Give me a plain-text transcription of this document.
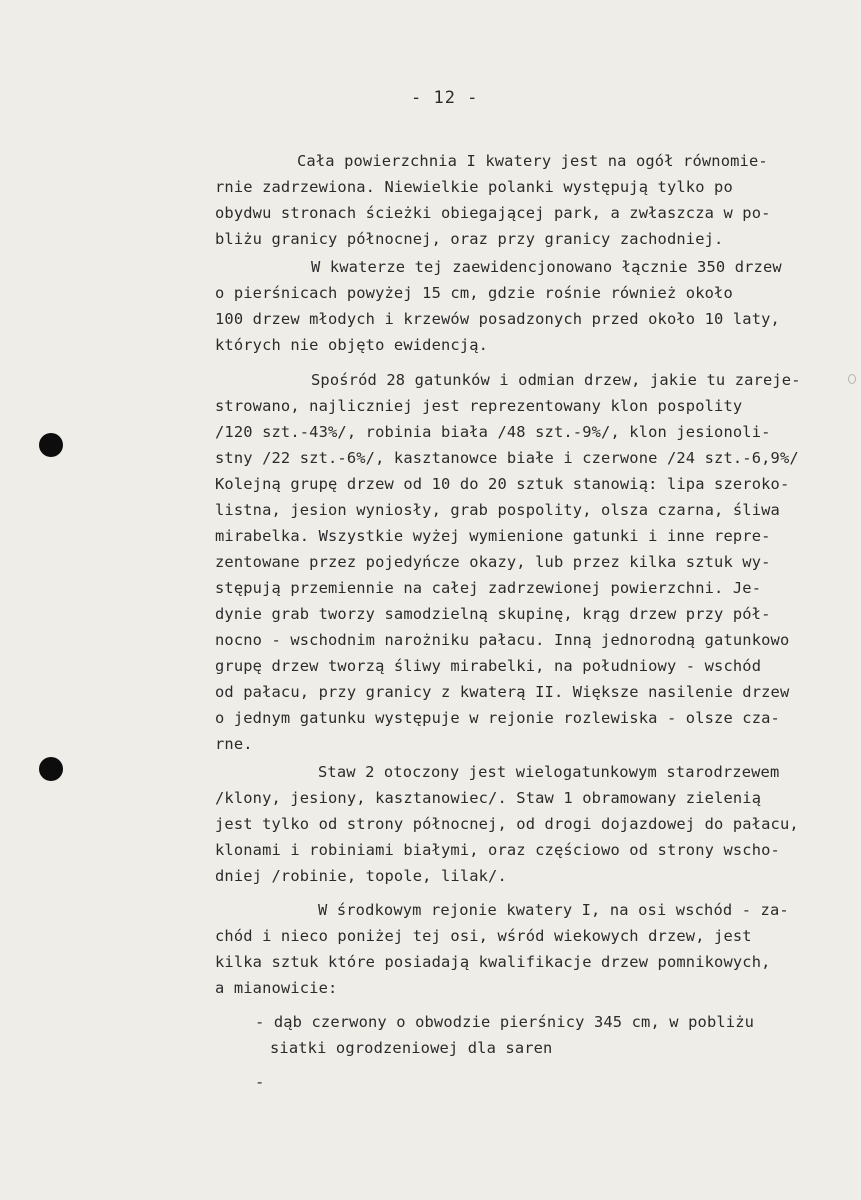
- 12 -
Cała powierzchnia I kwatery jest na ogół równomie-
rnie zadrzewiona. Niewielkie polanki występują tylko po
obydwu stronach ścieżki obiegającej park, a zwłaszcza w po-
bliżu granicy północnej, oraz przy granicy zachodniej.
W kwaterze tej zaewidencjonowano łącznie 350 drzew
o pierśnicach powyżej 15 cm, gdzie rośnie również około
100 drzew młodych i krzewów posadzonych przed około 10 laty,
których nie objęto ewidencją.
Spośród 28 gatunków i odmian drzew, jakie tu zareje-
strowano, najliczniej jest reprezentowany klon pospolity
/120 szt.-43%/, robinia biała /48 szt.-9%/, klon jesionoli-
stny /22 szt.-6%/, kasztanowce białe i czerwone /24 szt.-6,9%/
Kolejną grupę drzew od 10 do 20 sztuk stanowią: lipa szeroko-
listna, jesion wyniosły, grab pospolity, olsza czarna, śliwa
mirabelka. Wszystkie wyżej wymienione gatunki i inne repre-
zentowane przez pojedyńcze okazy, lub przez kilka sztuk wy-
stępują przemiennie na całej zadrzewionej powierzchni. Je-
dynie grab tworzy samodzielną skupinę, krąg drzew przy pół-
nocno - wschodnim narożniku pałacu. Inną jednorodną gatunkowo
grupę drzew tworzą śliwy mirabelki, na południowy - wschód
od pałacu, przy granicy z kwaterą II. Większe nasilenie drzew
o jednym gatunku występuje w rejonie rozlewiska - olsze cza-
rne.
Staw 2 otoczony jest wielogatunkowym starodrzewem
/klony, jesiony, kasztanowiec/. Staw 1 obramowany zielenią
jest tylko od strony północnej, od drogi dojazdowej do pałacu,
klonami i robiniami białymi, oraz częściowo od strony wscho-
dniej /robinie, topole, lilak/.
W środkowym rejonie kwatery I, na osi wschód - za-
chód i nieco poniżej tej osi, wśród wiekowych drzew, jest
kilka sztuk które posiadają kwalifikacje drzew pomnikowych,
a mianowicie:
- dąb czerwony o obwodzie pierśnicy 345 cm, w pobliżu
siatki ogrodzeniowej dla saren
-
